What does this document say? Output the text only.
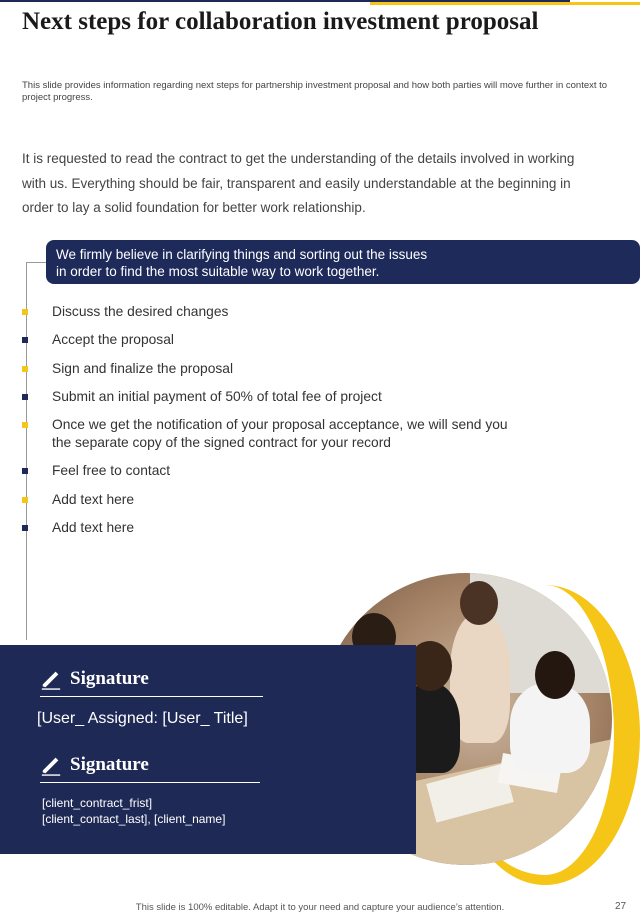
Next steps for collaboration investment proposal
This slide provides information regarding next steps for partnership investment proposal and how both parties will move further in context to project progress.
It is requested to read the contract to get the understanding of the details involved in working with us. Everything should be fair, transparent and easily understandable at the beginning in order to lay a solid foundation for better work relationship.
We firmly believe in clarifying things and sorting out the issues
in order to find the most suitable way to work together.
Discuss the desired changes
Accept the proposal
Sign and finalize the proposal
Submit an initial payment of 50% of total fee of project
Once we get the notification of your proposal acceptance, we will send you
the separate copy of the signed contract for your record
Feel free to contact
Add text here
Add text here
Signature
[User_ Assigned: [User_ Title]
Signature
[client_contract_frist]
[client_contact_last], [client_name]
This slide is 100% editable. Adapt it to your need and capture your audience’s attention.	27
